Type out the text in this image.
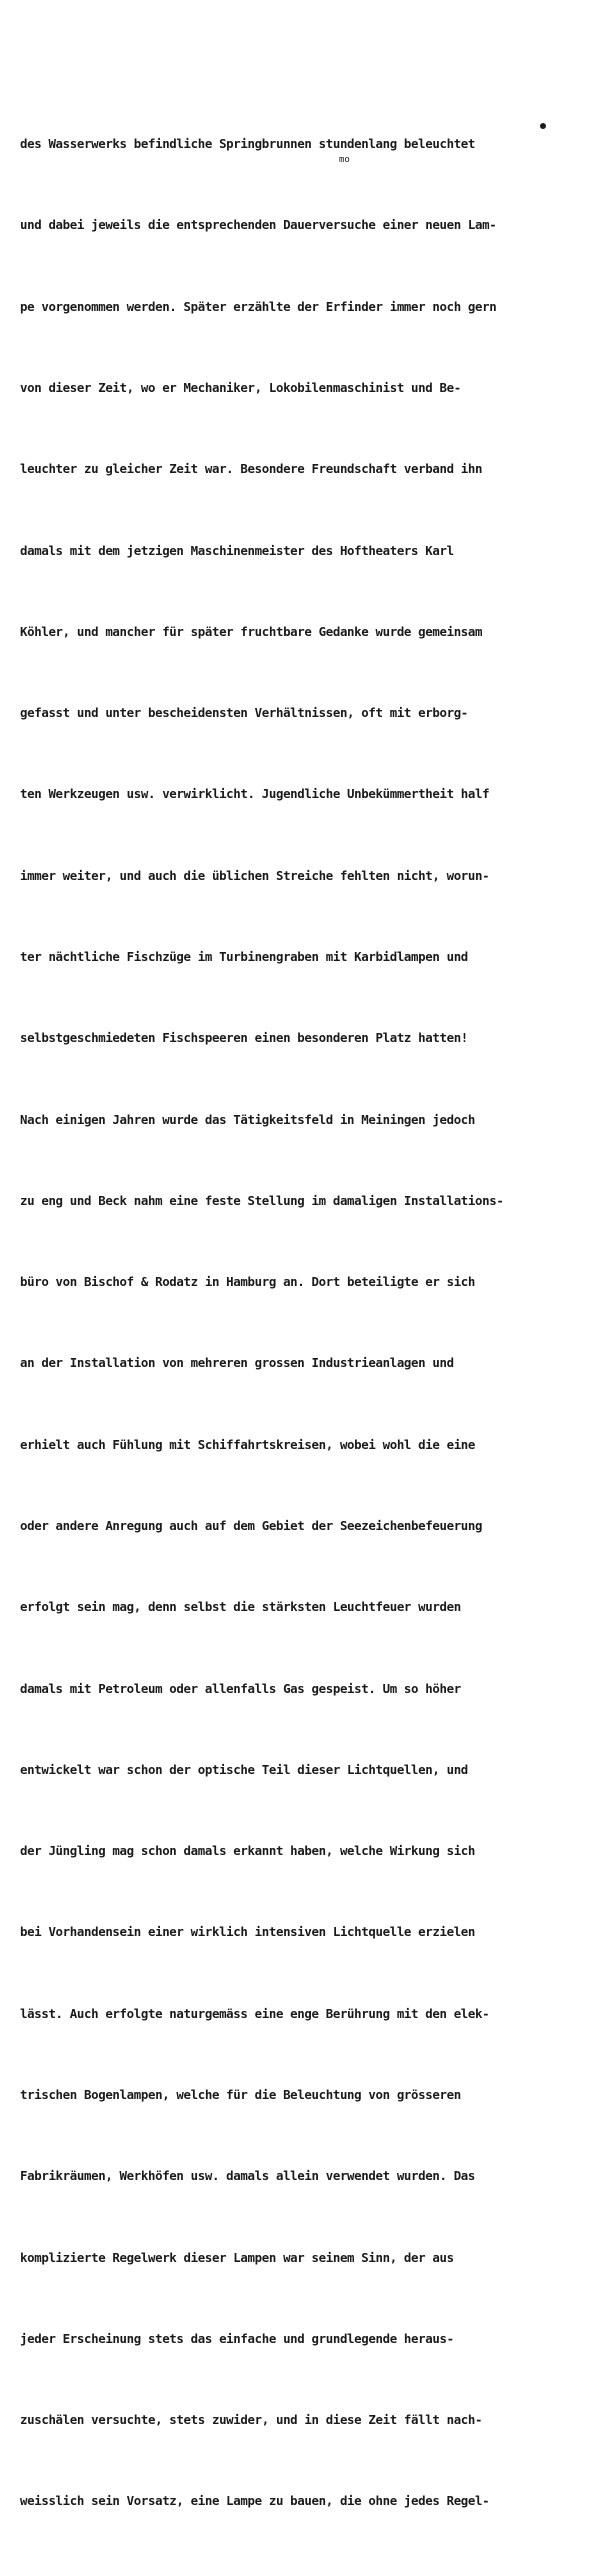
des Wasserwerks befindliche Springbrunnen stundenlang beleuchtet

und dabei jeweils die entsprechenden Dauerversuche einer neuen Lam-

pe vorgenommen werden. Später erzählte der Erfinder immer noch gern

von dieser Zeit, wo er Mechaniker, Lokobilenmaschinist und Be-

leuchter zu gleicher Zeit war. Besondere Freundschaft verband ihn

damals mit dem jetzigen Maschinenmeister des Hoftheaters Karl

Köhler, und mancher für später fruchtbare Gedanke wurde gemeinsam

gefasst und unter bescheidensten Verhältnissen, oft mit erborg-

ten Werkzeugen usw. verwirklicht. Jugendliche Unbekümmertheit half

immer weiter, und auch die üblichen Streiche fehlten nicht, worun-

ter nächtliche Fischzüge im Turbinengraben mit Karbidlampen und

selbstgeschmiedeten Fischspeeren einen besonderen Platz hatten!

Nach einigen Jahren wurde das Tätigkeitsfeld in Meiningen jedoch

zu eng und Beck nahm eine feste Stellung im damaligen Installations-

büro von Bischof & Rodatz in Hamburg an. Dort beteiligte er sich

an der Installation von mehreren grossen Industrieanlagen und

erhielt auch Fühlung mit Schiffahrtskreisen, wobei wohl die eine

oder andere Anregung auch auf dem Gebiet der Seezeichenbefeuerung

erfolgt sein mag, denn selbst die stärksten Leuchtfeuer wurden

damals mit Petroleum oder allenfalls Gas gespeist. Um so höher

entwickelt war schon der optische Teil dieser Lichtquellen, und

der Jüngling mag schon damals erkannt haben, welche Wirkung sich

bei Vorhandensein einer wirklich intensiven Lichtquelle erzielen

lässt. Auch erfolgte naturgemäss eine enge Berührung mit den elek-

trischen Bogenlampen, welche für die Beleuchtung von grösseren

Fabrikräumen, Werkhöfen usw. damals allein verwendet wurden. Das

komplizierte Regelwerk dieser Lampen war seinem Sinn, der aus

jeder Erscheinung stets das einfache und grundlegende heraus-

zuschälen versuchte, stets zuwider, und in diese Zeit fällt nach-

weisslich sein Vorsatz, eine Lampe zu bauen, die ohne jedes Regel-

mo
